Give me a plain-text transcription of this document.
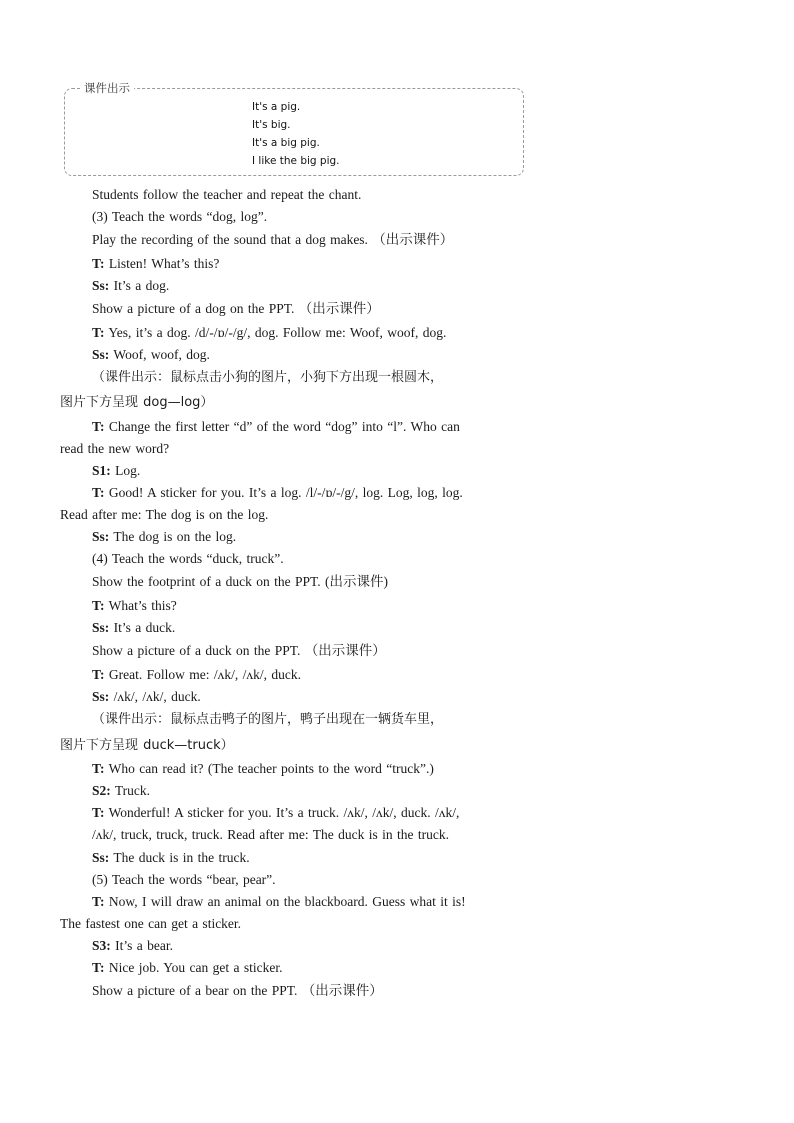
课件出示
It's a pig.
It's big.
It's a big pig.
I like the big pig.
Students follow the teacher and repeat the chant.
(3) Teach the words “dog, log”.
Play the recording of the sound that a dog makes. （出示课件）
T: Listen! What’s this?
Ss: It’s a dog.
Show a picture of a dog on the PPT. （出示课件）
T: Yes, it’s a dog. /d/-/ɒ/-/g/, dog. Follow me: Woof, woof, dog.
Ss: Woof, woof, dog.
（课件出示：鼠标点击小狗的图片，小狗下方出现一根圆木，
图片下方呈现 dog—log）
T: Change the first letter “d” of the word “dog” into “l”. Who can
read the new word?
S1: Log.
T: Good! A sticker for you. It’s a log. /l/-/ɒ/-/g/, log. Log, log, log.
Read after me: The dog is on the log.
Ss: The dog is on the log.
(4) Teach the words “duck, truck”.
Show the footprint of a duck on the PPT. (出示课件)
T: What’s this?
Ss: It’s a duck.
Show a picture of a duck on the PPT. （出示课件）
T: Great. Follow me: /ʌk/, /ʌk/, duck.
Ss: /ʌk/, /ʌk/, duck.
（课件出示：鼠标点击鸭子的图片，鸭子出现在一辆货车里，
图片下方呈现 duck—truck）
T: Who can read it? (The teacher points to the word “truck”.)
S2: Truck.
T: Wonderful! A sticker for you. It’s a truck. /ʌk/, /ʌk/, duck. /ʌk/,
/ʌk/, truck, truck, truck. Read after me: The duck is in the truck.
Ss: The duck is in the truck.
(5) Teach the words “bear, pear”.
T: Now, I will draw an animal on the blackboard. Guess what it is!
The fastest one can get a sticker.
S3: It’s a bear.
T: Nice job. You can get a sticker.
Show a picture of a bear on the PPT. （出示课件）
